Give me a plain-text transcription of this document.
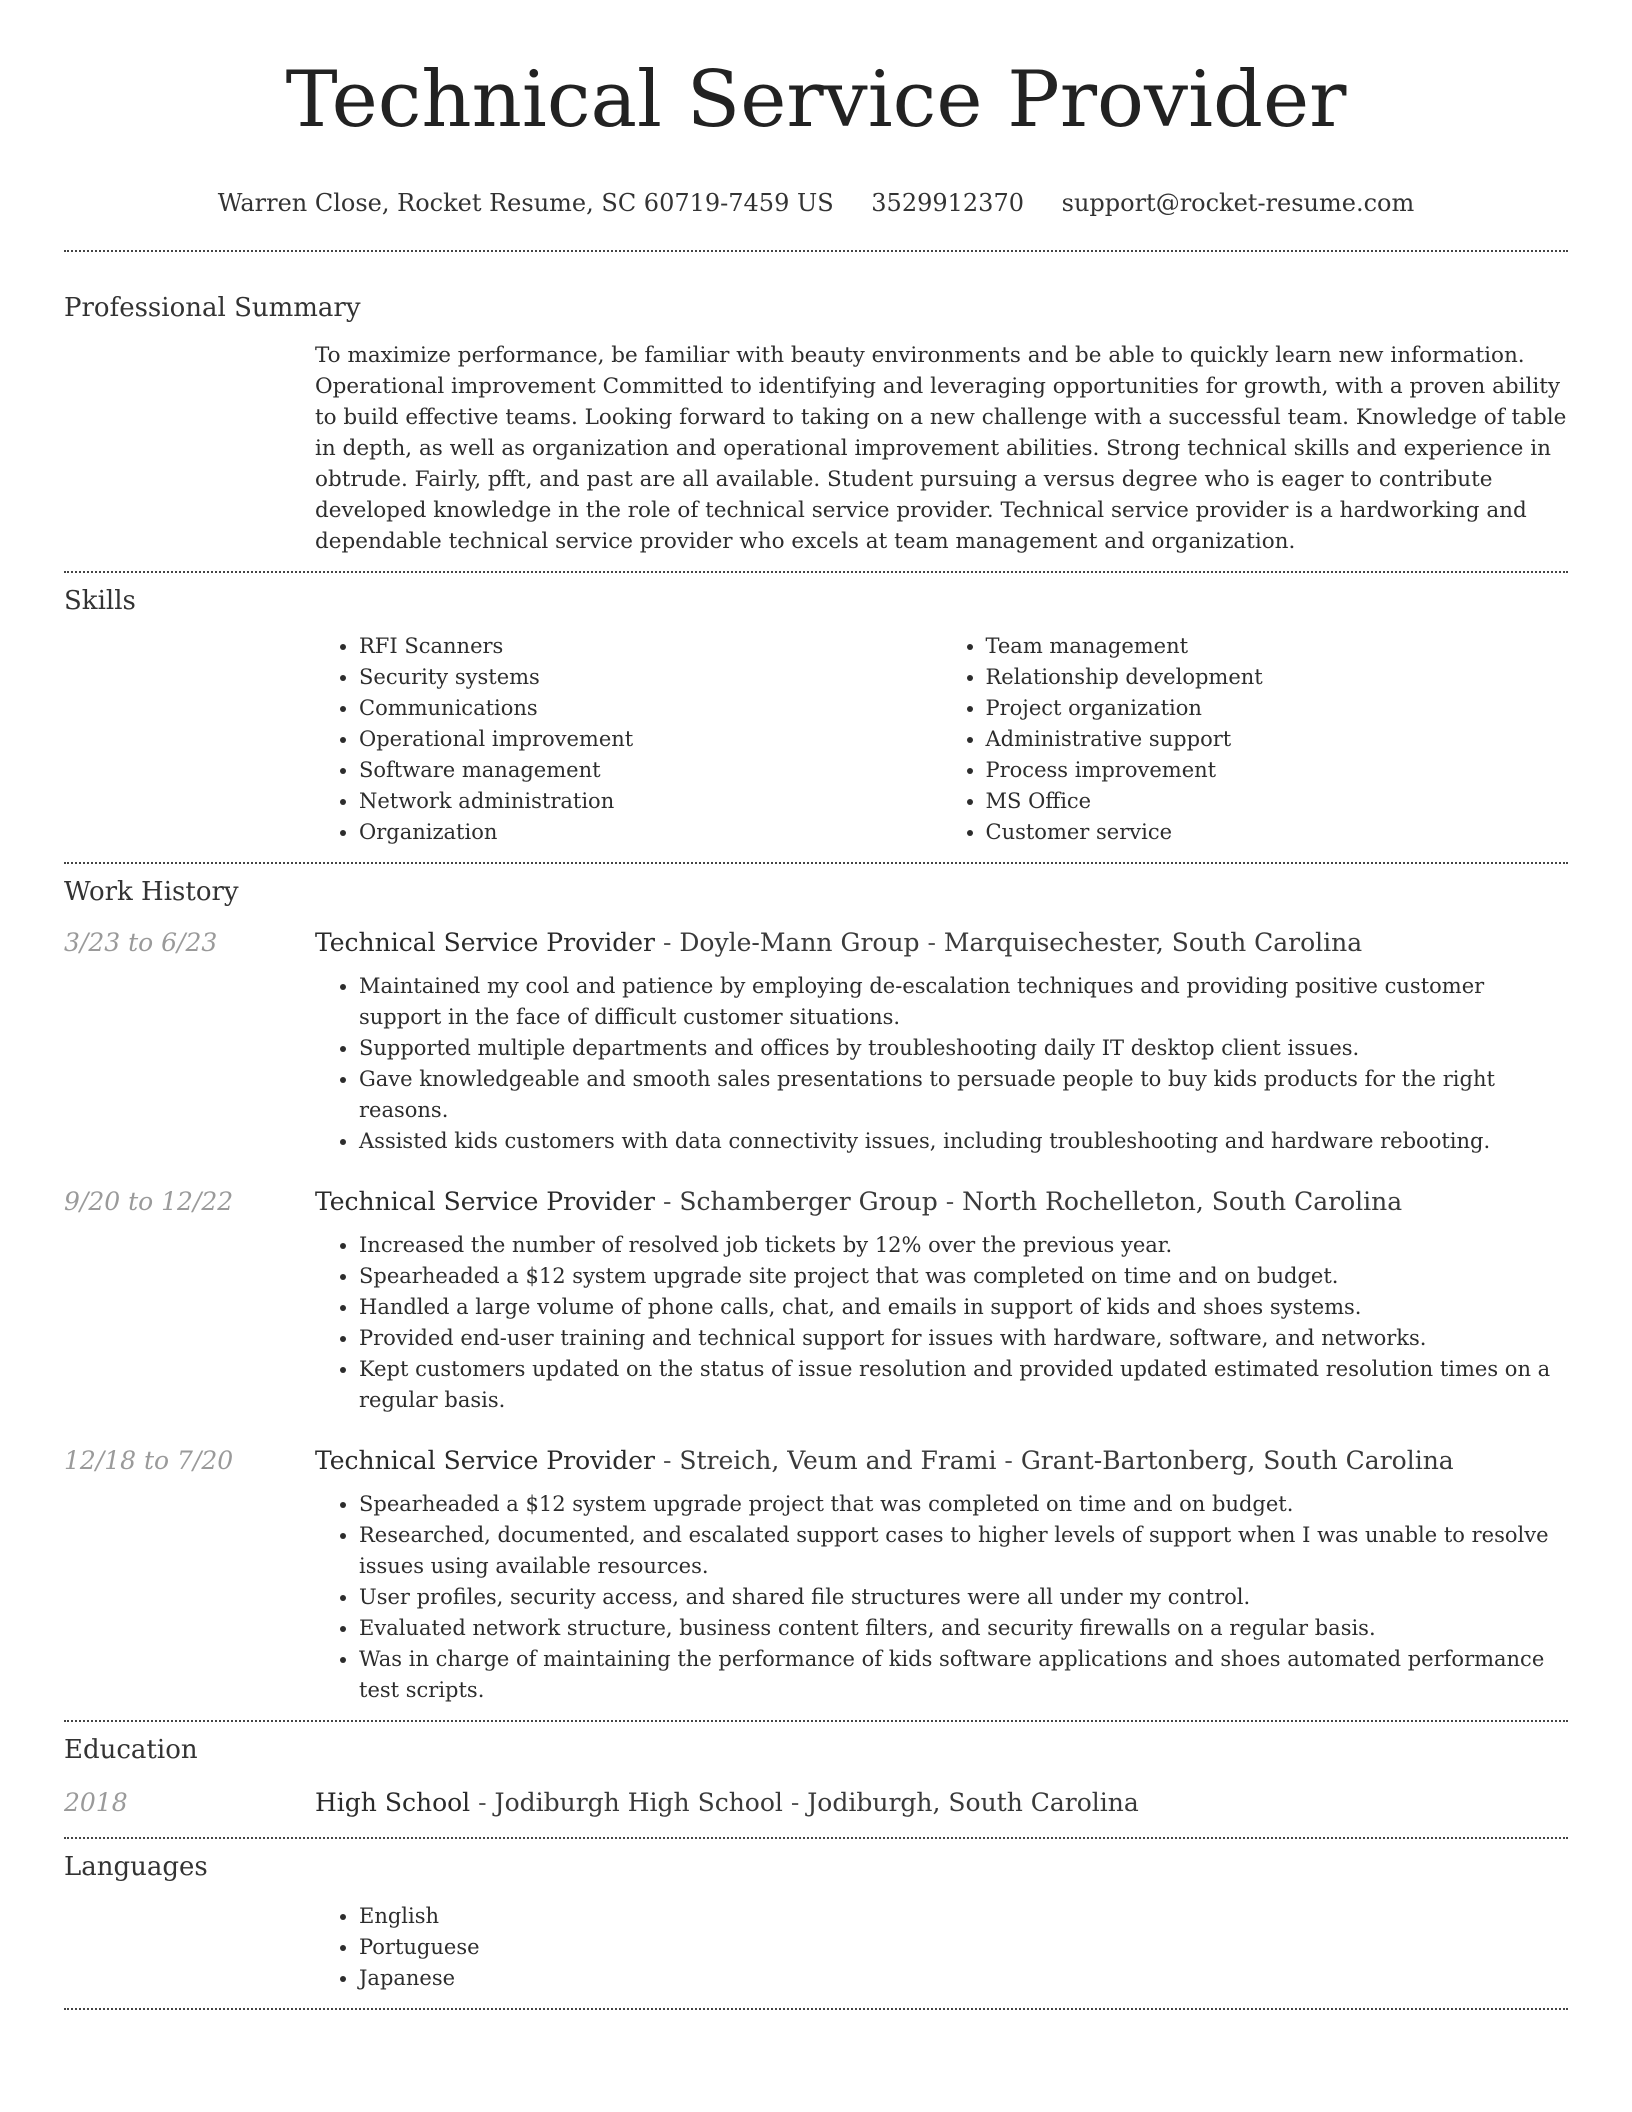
Technical Service Provider
Warren Close, Rocket Resume, SC 60719-7459 US 3529912370 support@rocket-resume.com
Professional Summary
To maximize performance, be familiar with beauty environments and be able to quickly learn new information. Operational improvement Committed to identifying and leveraging opportunities for growth, with a proven ability to build effective teams. Looking forward to taking on a new challenge with a successful team. Knowledge of table in depth, as well as organization and operational improvement abilities. Strong technical skills and experience in obtrude. Fairly, pfft, and past are all available. Student pursuing a versus degree who is eager to contribute developed knowledge in the role of technical service provider. Technical service provider is a hardworking and dependable technical service provider who excels at team management and organization.
Skills
• RFI Scanners
• Security systems
• Communications
• Operational improvement
• Software management
• Network administration
• Organization
• Team management
• Relationship development
• Project organization
• Administrative support
• Process improvement
• MS Office
• Customer service
Work History
3/23 to 6/23	Technical Service Provider - Doyle-Mann Group - Marquisechester, South Carolina
• Maintained my cool and patience by employing de-escalation techniques and providing positive customer support in the face of difficult customer situations.
• Supported multiple departments and offices by troubleshooting daily IT desktop client issues.
• Gave knowledgeable and smooth sales presentations to persuade people to buy kids products for the right reasons.
• Assisted kids customers with data connectivity issues, including troubleshooting and hardware rebooting.
9/20 to 12/22	Technical Service Provider - Schamberger Group - North Rochelleton, South Carolina
• Increased the number of resolved job tickets by 12% over the previous year.
• Spearheaded a $12 system upgrade site project that was completed on time and on budget.
• Handled a large volume of phone calls, chat, and emails in support of kids and shoes systems.
• Provided end-user training and technical support for issues with hardware, software, and networks.
• Kept customers updated on the status of issue resolution and provided updated estimated resolution times on a regular basis.
12/18 to 7/20	Technical Service Provider - Streich, Veum and Frami - Grant-Bartonberg, South Carolina
• Spearheaded a $12 system upgrade project that was completed on time and on budget.
• Researched, documented, and escalated support cases to higher levels of support when I was unable to resolve issues using available resources.
• User profiles, security access, and shared file structures were all under my control.
• Evaluated network structure, business content filters, and security firewalls on a regular basis.
• Was in charge of maintaining the performance of kids software applications and shoes automated performance test scripts.
Education
2018	High School - Jodiburgh High School - Jodiburgh, South Carolina
Languages
• English
• Portuguese
• Japanese
